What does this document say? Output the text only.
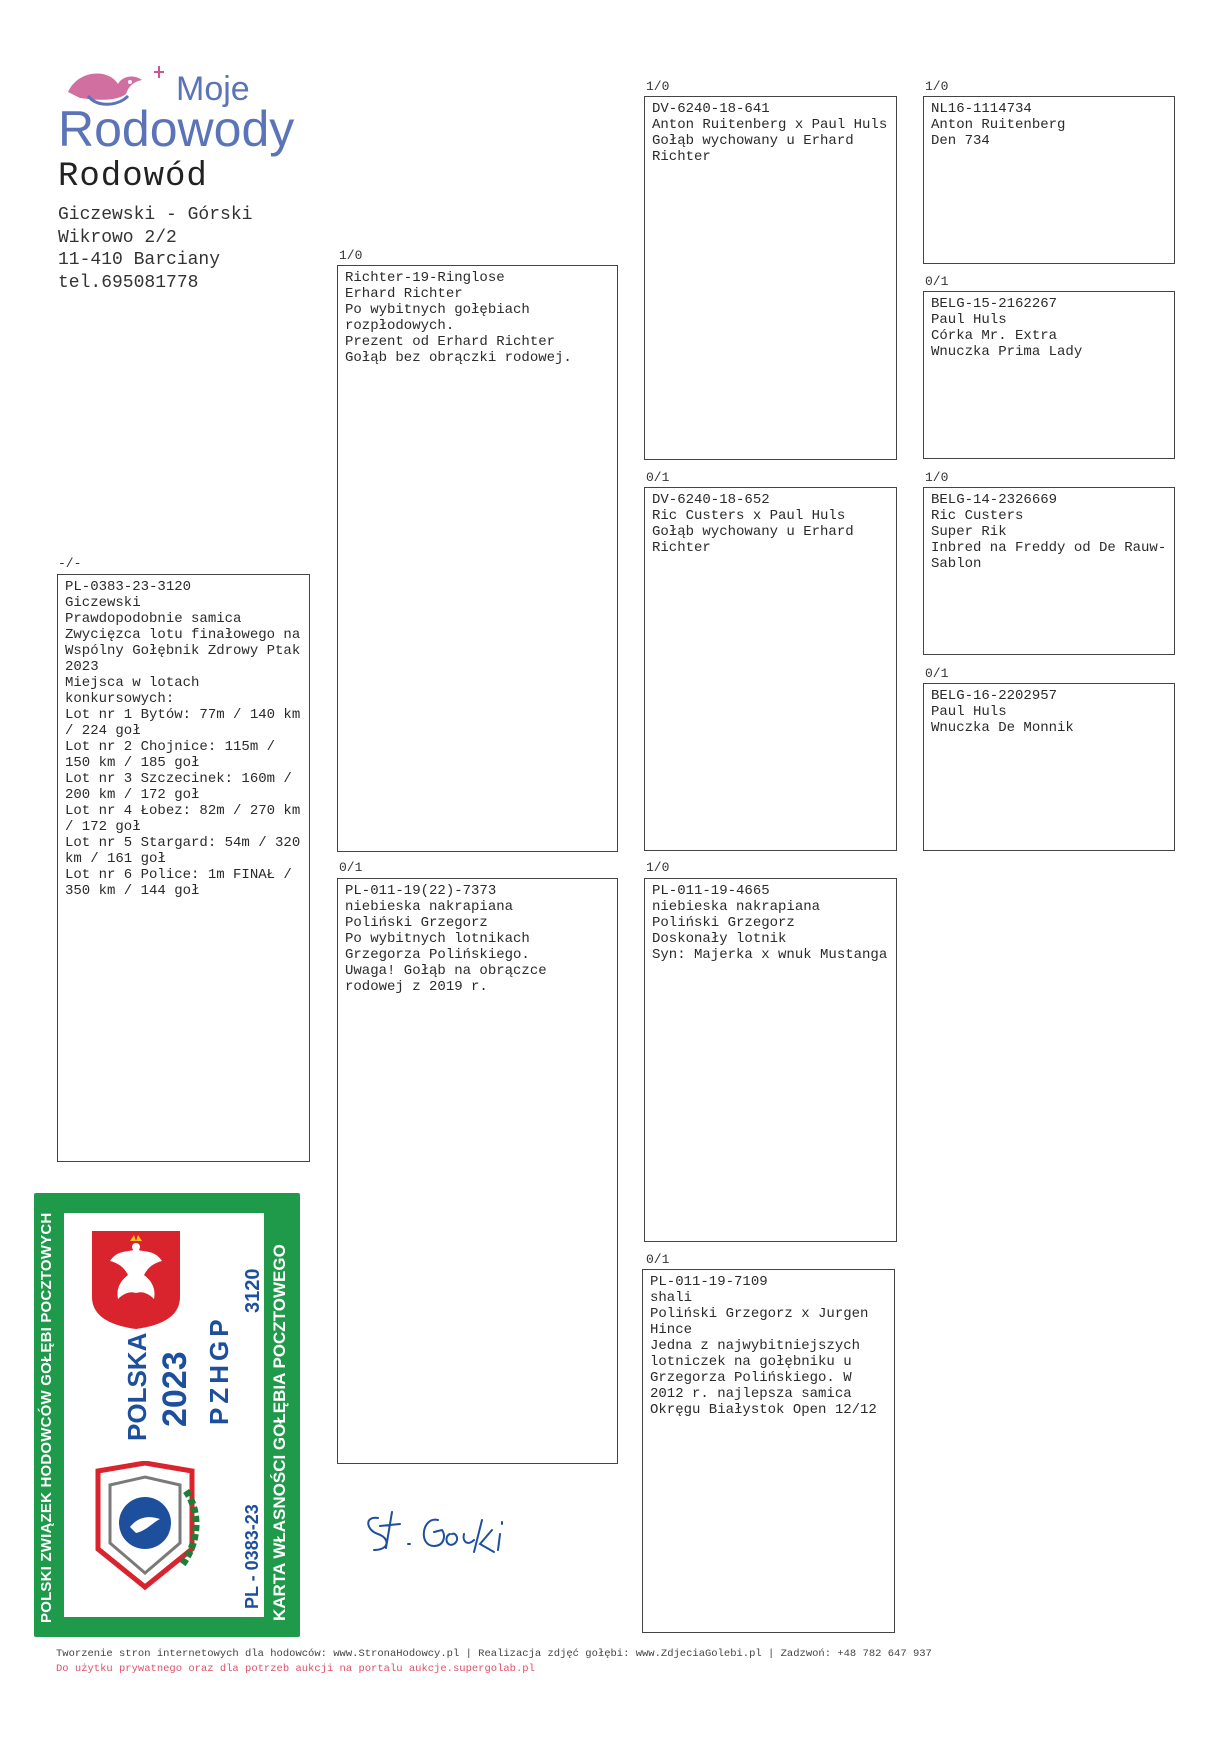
Moje
Rodowody
Rodowód
Giczewski - Górski
Wikrowo 2/2
11-410 Barciany
tel.695081778
-/-
PL-0383-23-3120
Giczewski
Prawdopodobnie samica
Zwycięzca lotu finałowego na Wspólny Gołębnik Zdrowy Ptak 2023
Miejsca w lotach konkursowych:
Lot nr 1 Bytów: 77m / 140 km / 224 goł
Lot nr 2 Chojnice: 115m / 150 km / 185 goł
Lot nr 3 Szczecinek: 160m / 200 km / 172 goł
Lot nr 4 Łobez: 82m / 270 km / 172 goł
Lot nr 5 Stargard: 54m / 320 km / 161 goł
Lot nr 6 Police: 1m FINAŁ / 350 km / 144 goł
1/0
Richter-19-Ringlose
Erhard Richter
Po wybitnych gołębiach rozpłodowych.
Prezent od Erhard Richter
Gołąb bez obrączki rodowej.
0/1
PL-011-19(22)-7373
niebieska nakrapiana
Poliński Grzegorz
Po wybitnych lotnikach Grzegorza Polińskiego.
Uwaga! Gołąb na obrączce rodowej z 2019 r.
1/0
DV-6240-18-641
Anton Ruitenberg x Paul Huls
Gołąb wychowany u Erhard Richter
0/1
DV-6240-18-652
Ric Custers x Paul Huls
Gołąb wychowany u Erhard Richter
1/0
PL-011-19-4665
niebieska nakrapiana
Poliński Grzegorz
Doskonały lotnik
Syn: Majerka x wnuk Mustanga
0/1
PL-011-19-7109
shali
Poliński Grzegorz x Jurgen Hince
Jedna z najwybitniejszych lotniczek na gołębniku u Grzegorza Polińskiego. W 2012 r. najlepsza samica Okręgu Białystok Open 12/12
1/0
NL16-1114734
Anton Ruitenberg
Den 734
0/1
BELG-15-2162267
Paul Huls
Córka Mr. Extra
Wnuczka Prima Lady
1/0
BELG-14-2326669
Ric Custers
Super Rik
Inbred na Freddy od De Rauw-Sablon
0/1
BELG-16-2202957
Paul Huls
Wnuczka De Monnik
POLSKI ZWIĄZEK HODOWCÓW GOŁĘBI POCZTOWYCH	3120
POLSKA 2023 PZHGP
PL - 0383-23 KARTA WŁASNOŚCI GOŁĘBIA POCZTOWEGO
Tworzenie stron internetowych dla hodowców: www.StronaHodowcy.pl | Realizacja zdjęć gołębi: www.ZdjeciaGolebi.pl | Zadzwoń: +48 782 647 937
Do użytku prywatnego oraz dla potrzeb aukcji na portalu aukcje.supergolab.pl
